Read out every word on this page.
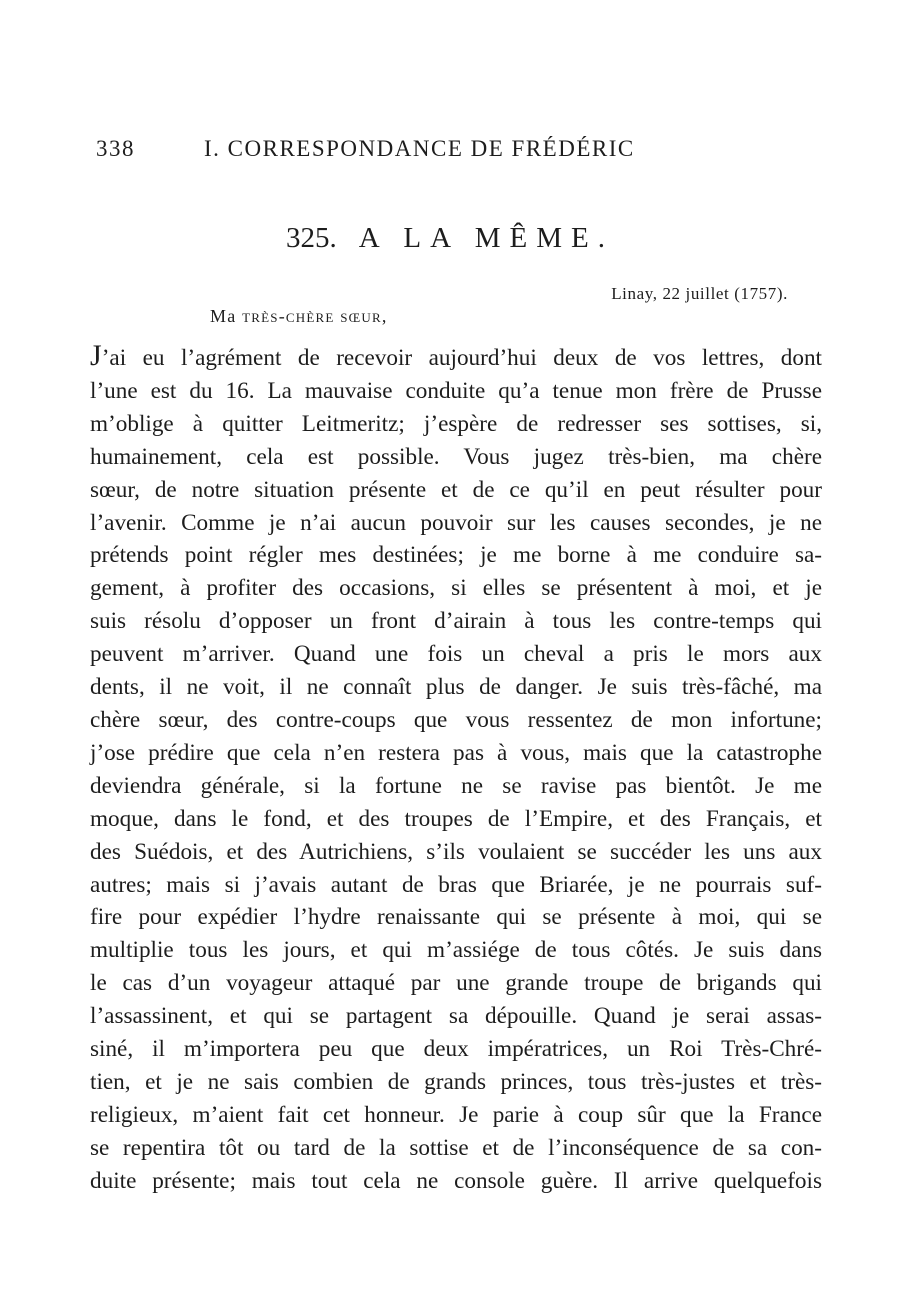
338	I. CORRESPONDANCE DE FRÉDÉRIC
325. A LA MÊME.
Linay, 22 juillet (1757).
Ma très-chère sœur,
J’ai eu l’agrément de recevoir aujourd’hui deux de vos lettres, dont
l’une est du 16. La mauvaise conduite qu’a tenue mon frère de Prusse
m’oblige à quitter Leitmeritz; j’espère de redresser ses sottises, si,
humainement, cela est possible. Vous jugez très-bien, ma chère
sœur, de notre situation présente et de ce qu’il en peut résulter pour
l’avenir. Comme je n’ai aucun pouvoir sur les causes secondes, je ne
prétends point régler mes destinées; je me borne à me conduire sa-
gement, à profiter des occasions, si elles se présentent à moi, et je
suis résolu d’opposer un front d’airain à tous les contre-temps qui
peuvent m’arriver. Quand une fois un cheval a pris le mors aux
dents, il ne voit, il ne connaît plus de danger. Je suis très-fâché, ma
chère sœur, des contre-coups que vous ressentez de mon infortune;
j’ose prédire que cela n’en restera pas à vous, mais que la catastrophe
deviendra générale, si la fortune ne se ravise pas bientôt. Je me
moque, dans le fond, et des troupes de l’Empire, et des Français, et
des Suédois, et des Autrichiens, s’ils voulaient se succéder les uns aux
autres; mais si j’avais autant de bras que Briarée, je ne pourrais suf-
fire pour expédier l’hydre renaissante qui se présente à moi, qui se
multiplie tous les jours, et qui m’assiége de tous côtés. Je suis dans
le cas d’un voyageur attaqué par une grande troupe de brigands qui
l’assassinent, et qui se partagent sa dépouille. Quand je serai assas-
siné, il m’importera peu que deux impératrices, un Roi Très-Chré-
tien, et je ne sais combien de grands princes, tous très-justes et très-
religieux, m’aient fait cet honneur. Je parie à coup sûr que la France
se repentira tôt ou tard de la sottise et de l’inconséquence de sa con-
duite présente; mais tout cela ne console guère. Il arrive quelquefois
